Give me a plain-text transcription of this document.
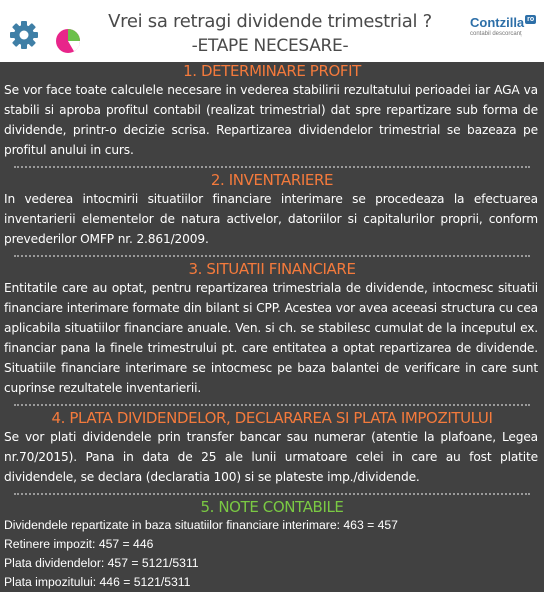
Vrei sa retragi dividende trimestrial ?
-ETAPE NECESARE-
Contzilla ro
contabil descorcanț
1. DETERMINARE PROFIT

Se vor face toate calculele necesare in vederea stabilirii rezultatului perioadei iar AGA va stabili si aproba profitul contabil (realizat trimestrial) dat spre repartizare sub forma de dividende, printr-o decizie scrisa. Repartizarea dividendelor trimestrial se bazeaza pe profitul anului in curs.

2. INVENTARIERE

In vederea intocmirii situatiilor financiare interimare se procedeaza la efectuarea inventarierii elementelor de natura activelor, datoriilor si capitalurilor proprii, conform prevederilor OMFP nr. 2.861/2009.

3. SITUATII FINANCIARE

Entitatile care au optat, pentru repartizarea trimestriala de dividende, intocmesc situatii financiare interimare formate din bilant si CPP. Acestea vor avea aceeasi structura cu cea aplicabila situatiilor financiare anuale. Ven. si ch. se stabilesc cumulat de la inceputul ex. financiar pana la finele trimestrului pt. care entitatea a optat repartizarea de dividende. Situatiile financiare interimare se intocmesc pe baza balantei de verificare in care sunt cuprinse rezultatele inventarierii.

4. PLATA DIVIDENDELOR, DECLARAREA SI PLATA IMPOZITULUI

Se vor plati dividendele prin transfer bancar sau numerar (atentie la plafoane, Legea nr.70/2015). Pana in data de 25 ale lunii urmatoare celei in care au fost platite dividendele, se declara (declaratia 100) si se plateste imp./dividende.

5. NOTE CONTABILE
Dividendele repartizate in baza situatiilor financiare interimare: 463 = 457
Retinere impozit: 457 = 446
Plata dividendelor: 457 = 5121/5311
Plata impozitului: 446 = 5121/5311
